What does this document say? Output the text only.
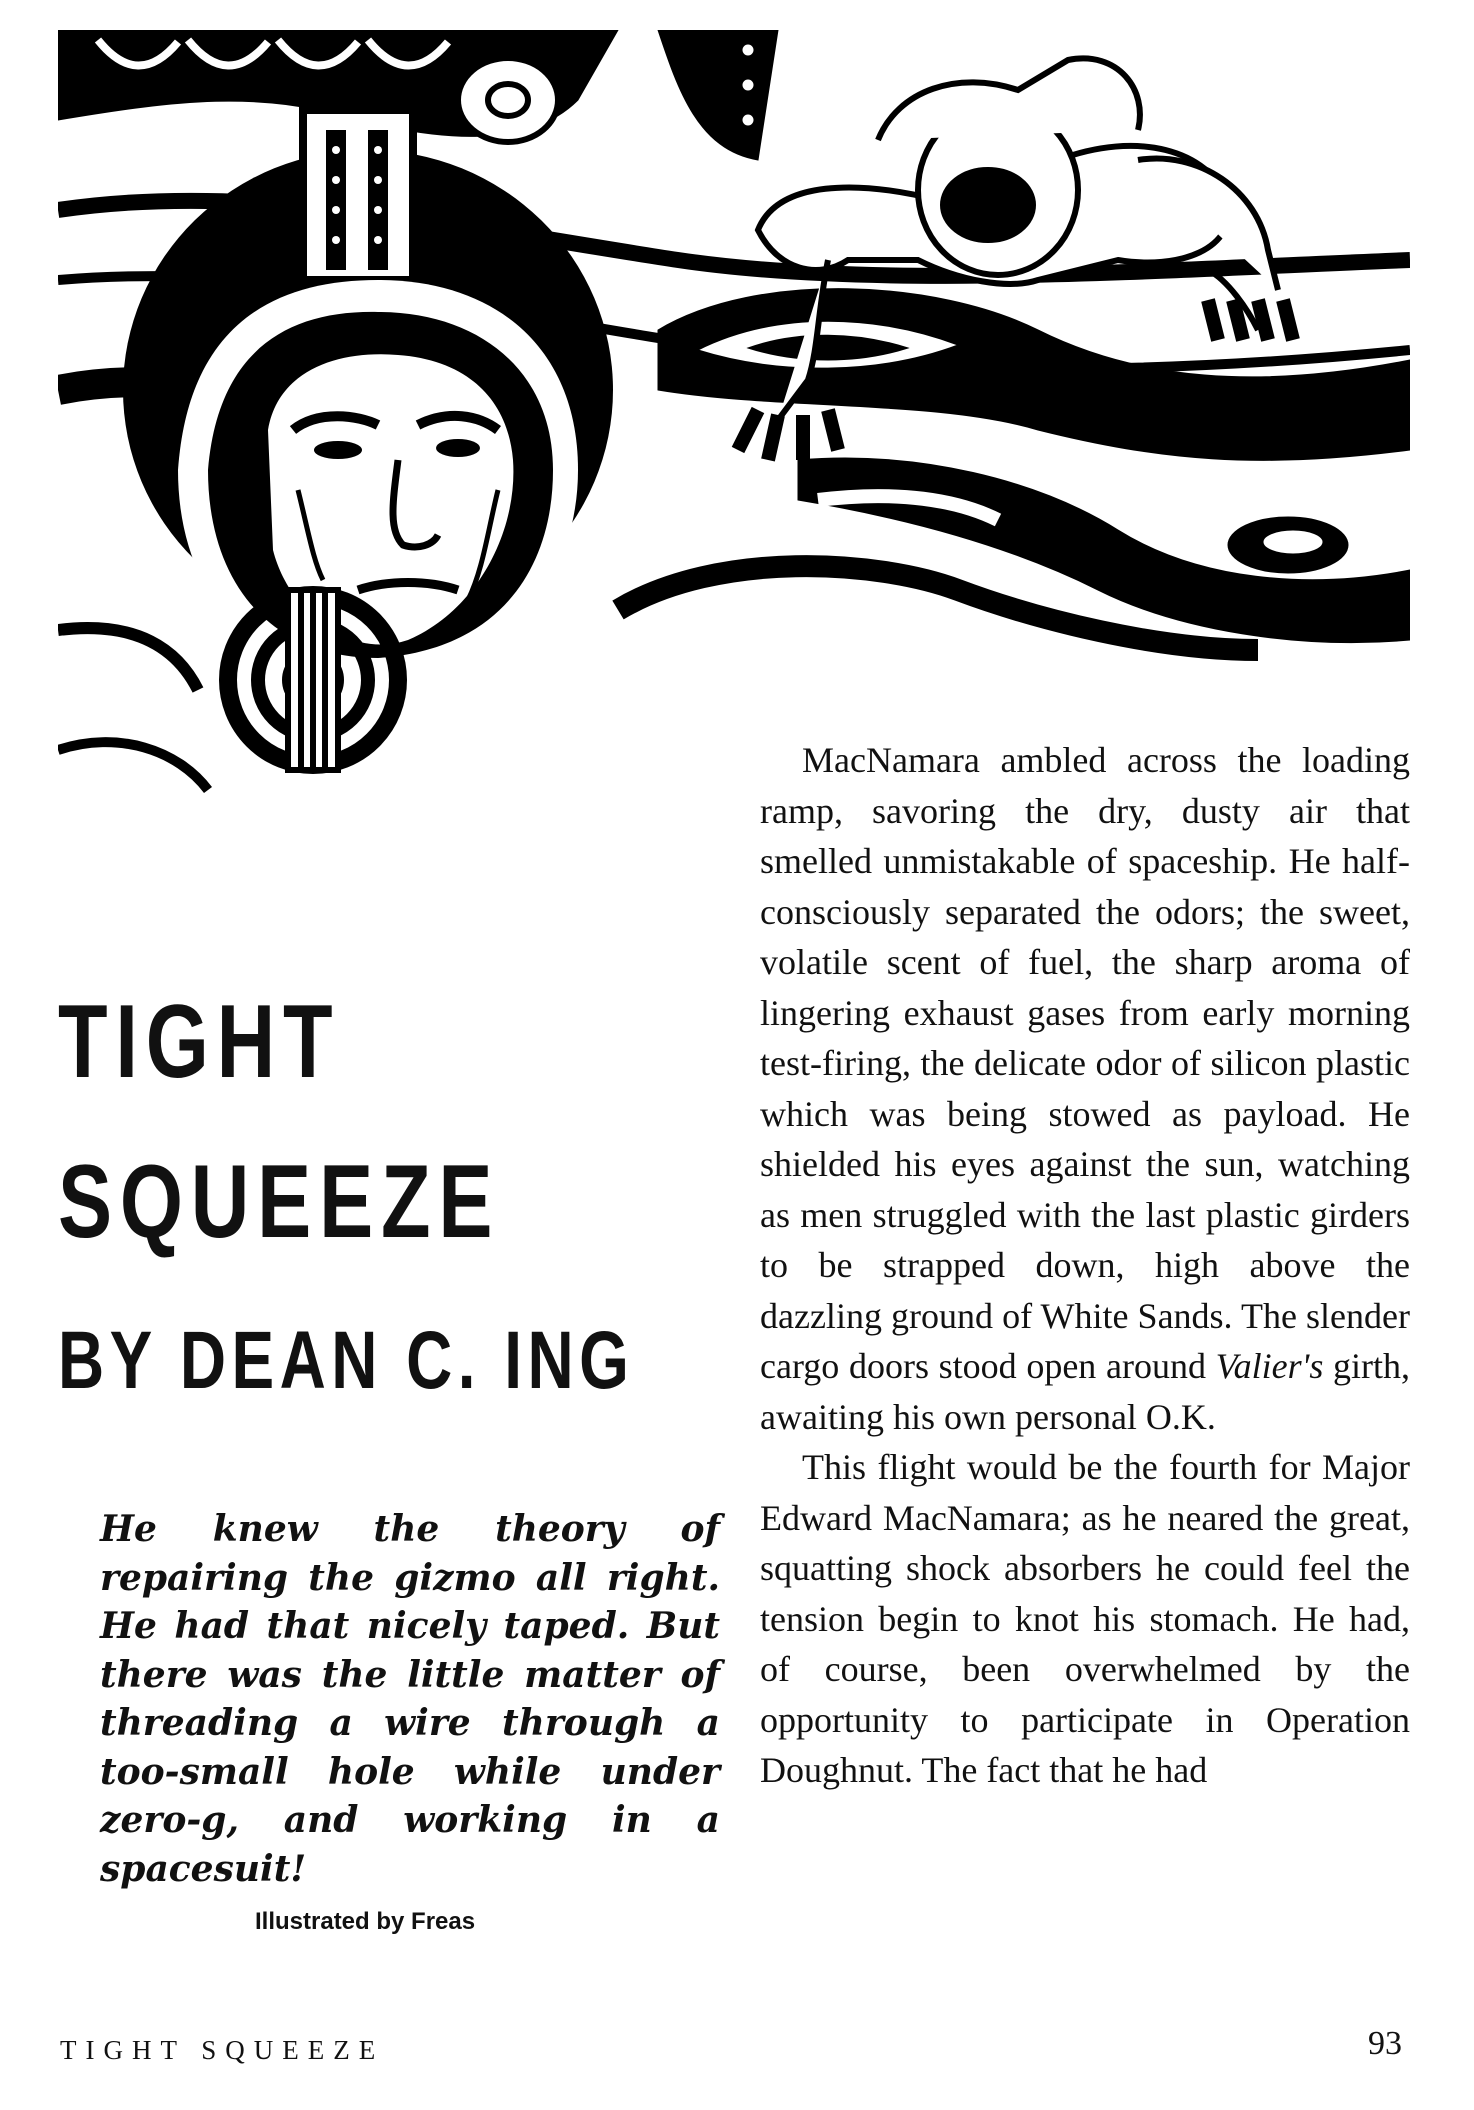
TIGHT
SQUEEZE
BY DEAN C. ING

He knew the theory of repairing the gizmo all right. He had that nicely taped. But there was the little matter of threading a wire through a too-small hole while under zero-g, and working in a spacesuit!

Illustrated by Freas

MacNamara ambled across the loading ramp, savoring the dry, dusty air that smelled unmistakable of spaceship. He half-consciously separated the odors; the sweet, volatile scent of fuel, the sharp aroma of lingering exhaust gases from early morning test-firing, the delicate odor of silicon plastic which was being stowed as payload. He shielded his eyes against the sun, watching as men struggled with the last plastic girders to be strapped down, high above the dazzling ground of White Sands. The slender cargo doors stood open around Valier's girth, awaiting his own personal O.K.

This flight would be the fourth for Major Edward MacNamara; as he neared the great, squatting shock absorbers he could feel the tension begin to knot his stomach. He had, of course, been overwhelmed by the opportunity to participate in Operation Doughnut. The fact that he had

TIGHT SQUEEZE	93
